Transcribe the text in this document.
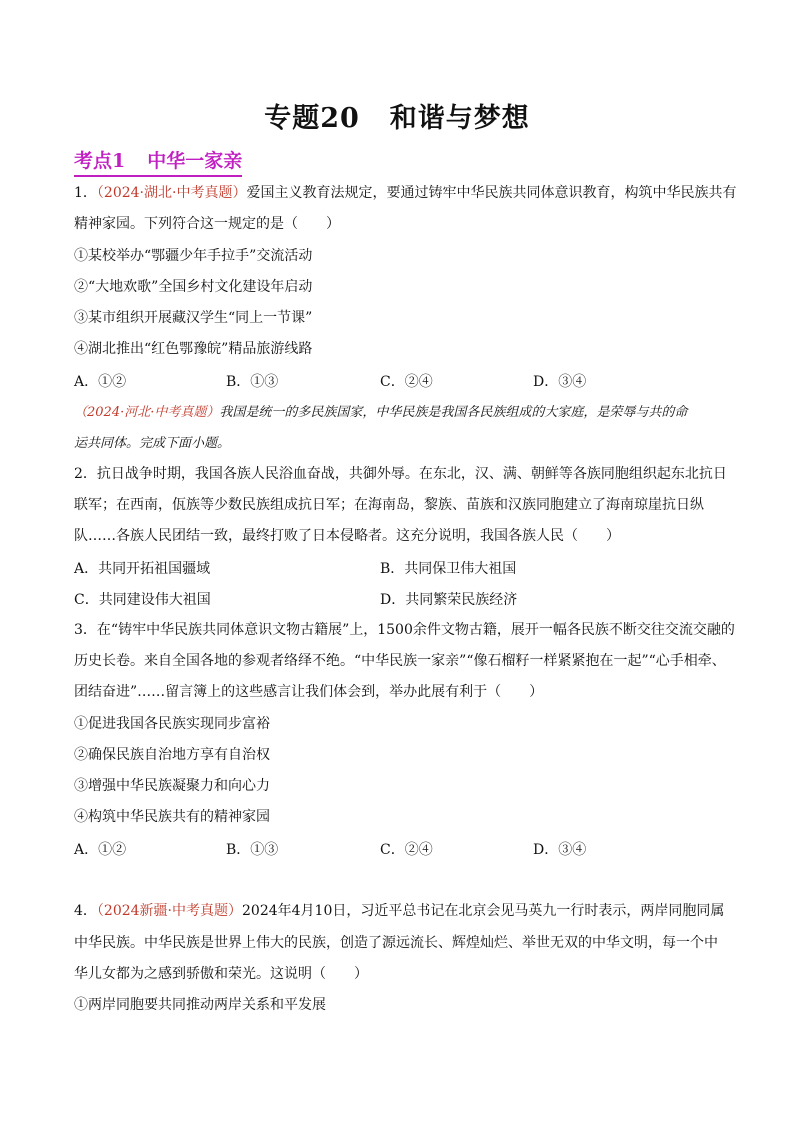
专题20 和谐与梦想
考点1 中华一家亲
1．（2024·湖北·中考真题）爱国主义教育法规定，要通过铸牢中华民族共同体意识教育，构筑中华民族共有
精神家园。下列符合这一规定的是（　　）
①某校举办“鄂疆少年手拉手”交流活动
②“大地欢歌”全国乡村文化建设年启动
③某市组织开展藏汉学生“同上一节课”
④湖北推出“红色鄂豫皖”精品旅游线路
A．①②	B．①③	C．②④	D．③④
（2024·河北·中考真题）我国是统一的多民族国家，中华民族是我国各民族组成的大家庭，是荣辱与共的命
运共同体。完成下面小题。
2．抗日战争时期，我国各族人民浴血奋战，共御外辱。在东北，汉、满、朝鲜等各族同胞组织起东北抗日
联军；在西南，佤族等少数民族组成抗日军；在海南岛，黎族、苗族和汉族同胞建立了海南琼崖抗日纵
队……各族人民团结一致，最终打败了日本侵略者。这充分说明，我国各族人民（　　）
A．共同开拓祖国疆域	B．共同保卫伟大祖国
C．共同建设伟大祖国	D．共同繁荣民族经济
3．在“铸牢中华民族共同体意识文物古籍展”上，1500余件文物古籍，展开一幅各民族不断交往交流交融的
历史长卷。来自全国各地的参观者络绎不绝。“中华民族一家亲”“像石榴籽一样紧紧抱在一起”“心手相牵、
团结奋进”……留言簿上的这些感言让我们体会到，举办此展有利于（　　）
①促进我国各民族实现同步富裕
②确保民族自治地方享有自治权
③增强中华民族凝聚力和向心力
④构筑中华民族共有的精神家园
A．①②	B．①③	C．②④	D．③④
4．（2024新疆·中考真题）2024年4月10日，习近平总书记在北京会见马英九一行时表示，两岸同胞同属
中华民族。中华民族是世界上伟大的民族，创造了源远流长、辉煌灿烂、举世无双的中华文明，每一个中
华儿女都为之感到骄傲和荣光。这说明（　　）
①两岸同胞要共同推动两岸关系和平发展
